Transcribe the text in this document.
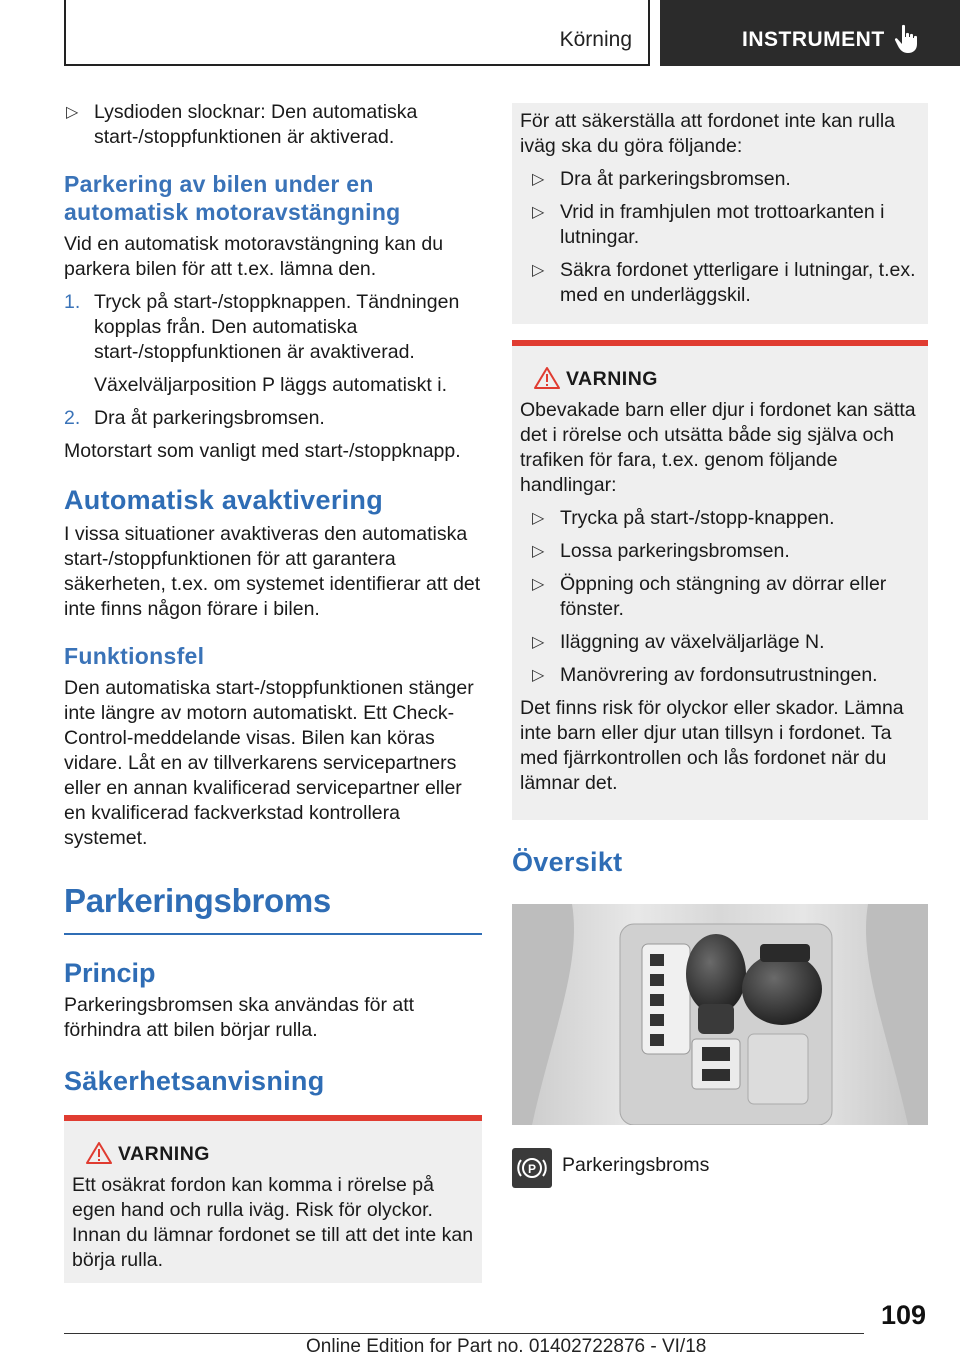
Körning	INSTRUMENT
▷ Lysdioden slocknar: Den automatiska start-/stoppfunktionen är aktiverad.
Parkering av bilen under en automatisk motoravstängning

Vid en automatisk motoravstängning kan du parkera bilen för att t.ex. lämna den.

1. Tryck på start-/stoppknappen. Tändningen kopplas från. Den automatiska start-/stoppfunktionen är avaktiverad.
Växelväljarposition P läggs automatiskt i.
2. Dra åt parkeringsbromsen.

Motorstart som vanligt med start-/stoppknapp.

Automatisk avaktivering

I vissa situationer avaktiveras den automatiska start-/stoppfunktionen för att garantera säkerheten, t.ex. om systemet identifierar att det inte finns någon förare i bilen.

Funktionsfel

Den automatiska start-/stoppfunktionen stänger inte längre av motorn automatiskt. Ett Check-Control-meddelande visas. Bilen kan köras vidare. Låt en av tillverkarens servicepartners eller en annan kvalificerad servicepartner eller en kvalificerad fackverkstad kontrollera systemet.

Parkeringsbroms
Princip

Parkeringsbromsen ska användas för att förhindra att bilen börjar rulla.

Säkerhetsanvisning
VARNING

Ett osäkrat fordon kan komma i rörelse på egen hand och rulla iväg. Risk för olyckor. Innan du lämnar fordonet se till att det inte kan börja rulla.

För att säkerställa att fordonet inte kan rulla iväg ska du göra följande:

▷ Dra åt parkeringsbromsen.
▷ Vrid in framhjulen mot trottoarkanten i lutningar.
▷ Säkra fordonet ytterligare i lutningar, t.ex. med en underläggskil.
VARNING

Obevakade barn eller djur i fordonet kan sätta det i rörelse och utsätta både sig själva och trafiken för fara, t.ex. genom följande handlingar:

▷ Trycka på start-/stopp-knappen.
▷ Lossa parkeringsbromsen.
▷ Öppning och stängning av dörrar eller fönster.
▷ Iläggning av växelväljarläge N.
▷ Manövrering av fordonsutrustningen.

Det finns risk för olyckor eller skador. Lämna inte barn eller djur utan tillsyn i fordonet. Ta med fjärrkontrollen och lås fordonet när du lämnar det.

Översikt
P Parkeringsbroms
109
Online Edition for Part no. 01402722876 - VI/18
